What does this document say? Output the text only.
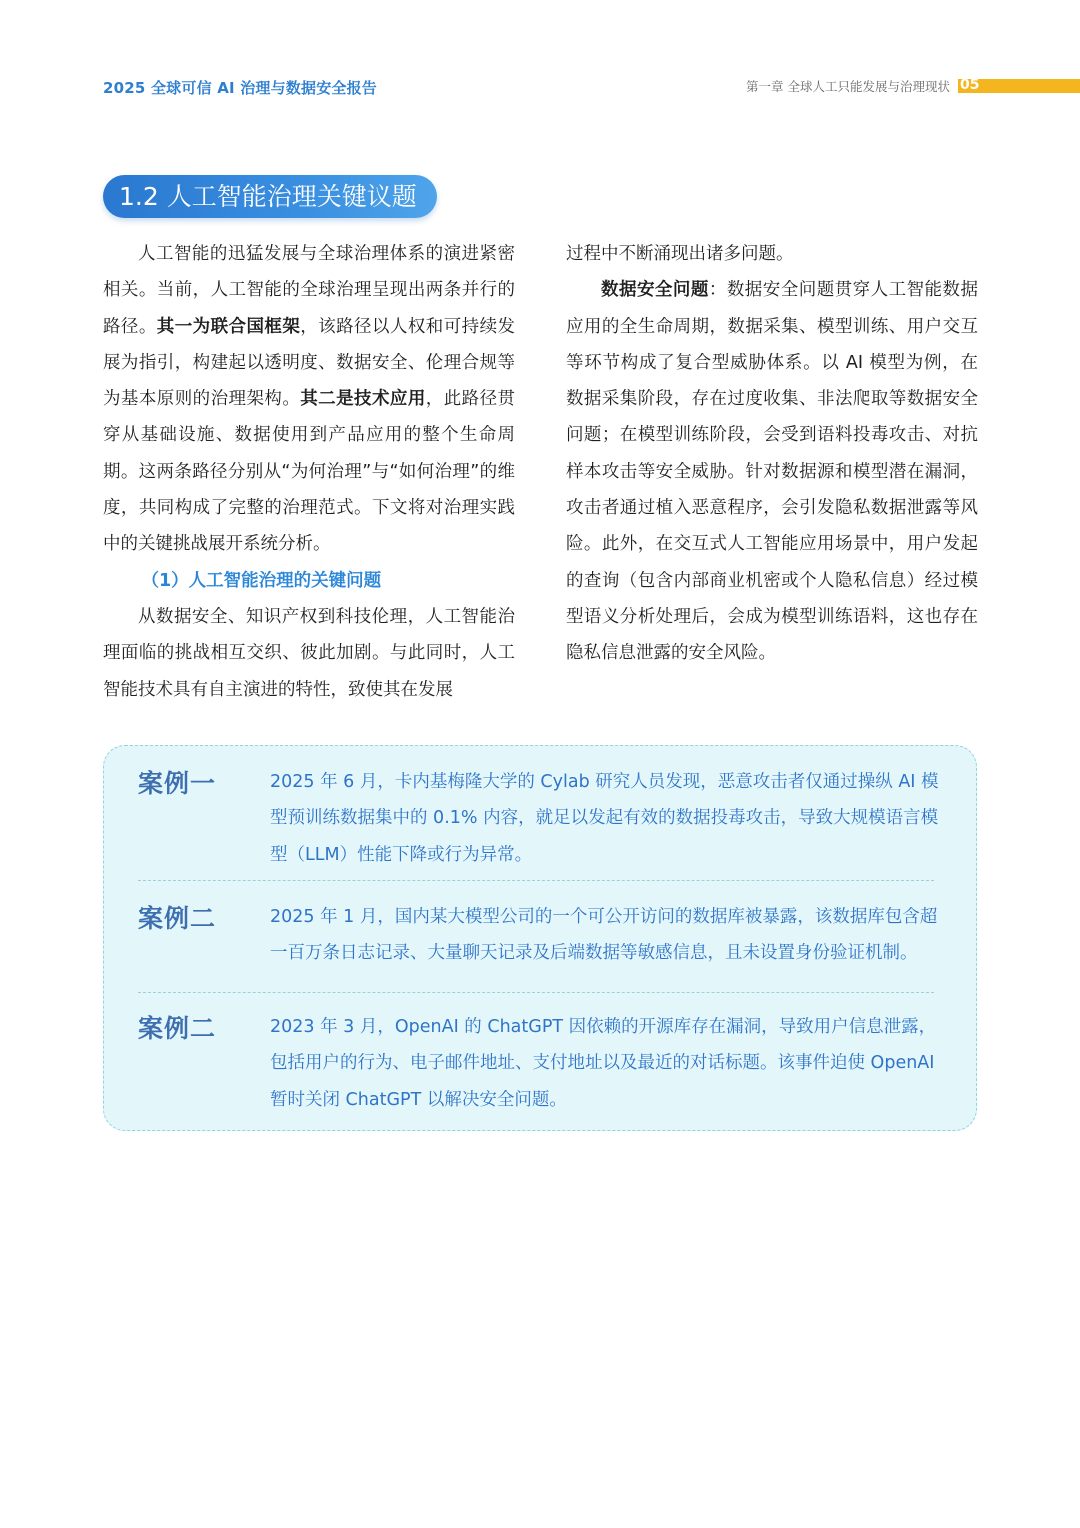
2025 全球可信 AI 治理与数据安全报告	第一章 全球人工只能发展与治理现状 05
1.2 人工智能治理关键议题

人工智能的迅猛发展与全球治理体系的演进紧密相关。当前，人工智能的全球治理呈现出两条并行的路径。其一为联合国框架，该路径以人权和可持续发展为指引，构建起以透明度、数据安全、伦理合规等为基本原则的治理架构。其二是技术应用，此路径贯穿从基础设施、数据使用到产品应用的整个生命周期。这两条路径分别从“为何治理”与“如何治理”的维度，共同构成了完整的治理范式。下文将对治理实践中的关键挑战展开系统分析。

（1）人工智能治理的关键问题

从数据安全、知识产权到科技伦理，人工智能治理面临的挑战相互交织、彼此加剧。与此同时，人工智能技术具有自主演进的特性，致使其在发展

过程中不断涌现出诸多问题。

数据安全问题：数据安全问题贯穿人工智能数据应用的全生命周期，数据采集、模型训练、用户交互等环节构成了复合型威胁体系。以 AI 模型为例，在数据采集阶段，存在过度收集、非法爬取等数据安全问题；在模型训练阶段，会受到语料投毒攻击、对抗样本攻击等安全威胁。针对数据源和模型潜在漏洞，攻击者通过植入恶意程序，会引发隐私数据泄露等风险。此外，在交互式人工智能应用场景中，用户发起的查询（包含内部商业机密或个人隐私信息）经过模型语义分析处理后，会成为模型训练语料，这也存在隐私信息泄露的安全风险。

案例一	2025 年 6 月，卡内基梅隆大学的 Cylab 研究人员发现，恶意攻击者仅通过操纵 AI 模型预训练数据集中的 0.1% 内容，就足以发起有效的数据投毒攻击，导致大规模语言模型（LLM）性能下降或行为异常。
案例二	2025 年 1 月，国内某大模型公司的一个可公开访问的数据库被暴露，该数据库包含超一百万条日志记录、大量聊天记录及后端数据等敏感信息，且未设置身份验证机制。
案例二	2023 年 3 月，OpenAI 的 ChatGPT 因依赖的开源库存在漏洞，导致用户信息泄露，包括用户的行为、电子邮件地址、支付地址以及最近的对话标题。该事件迫使 OpenAI 暂时关闭 ChatGPT 以解决安全问题。
